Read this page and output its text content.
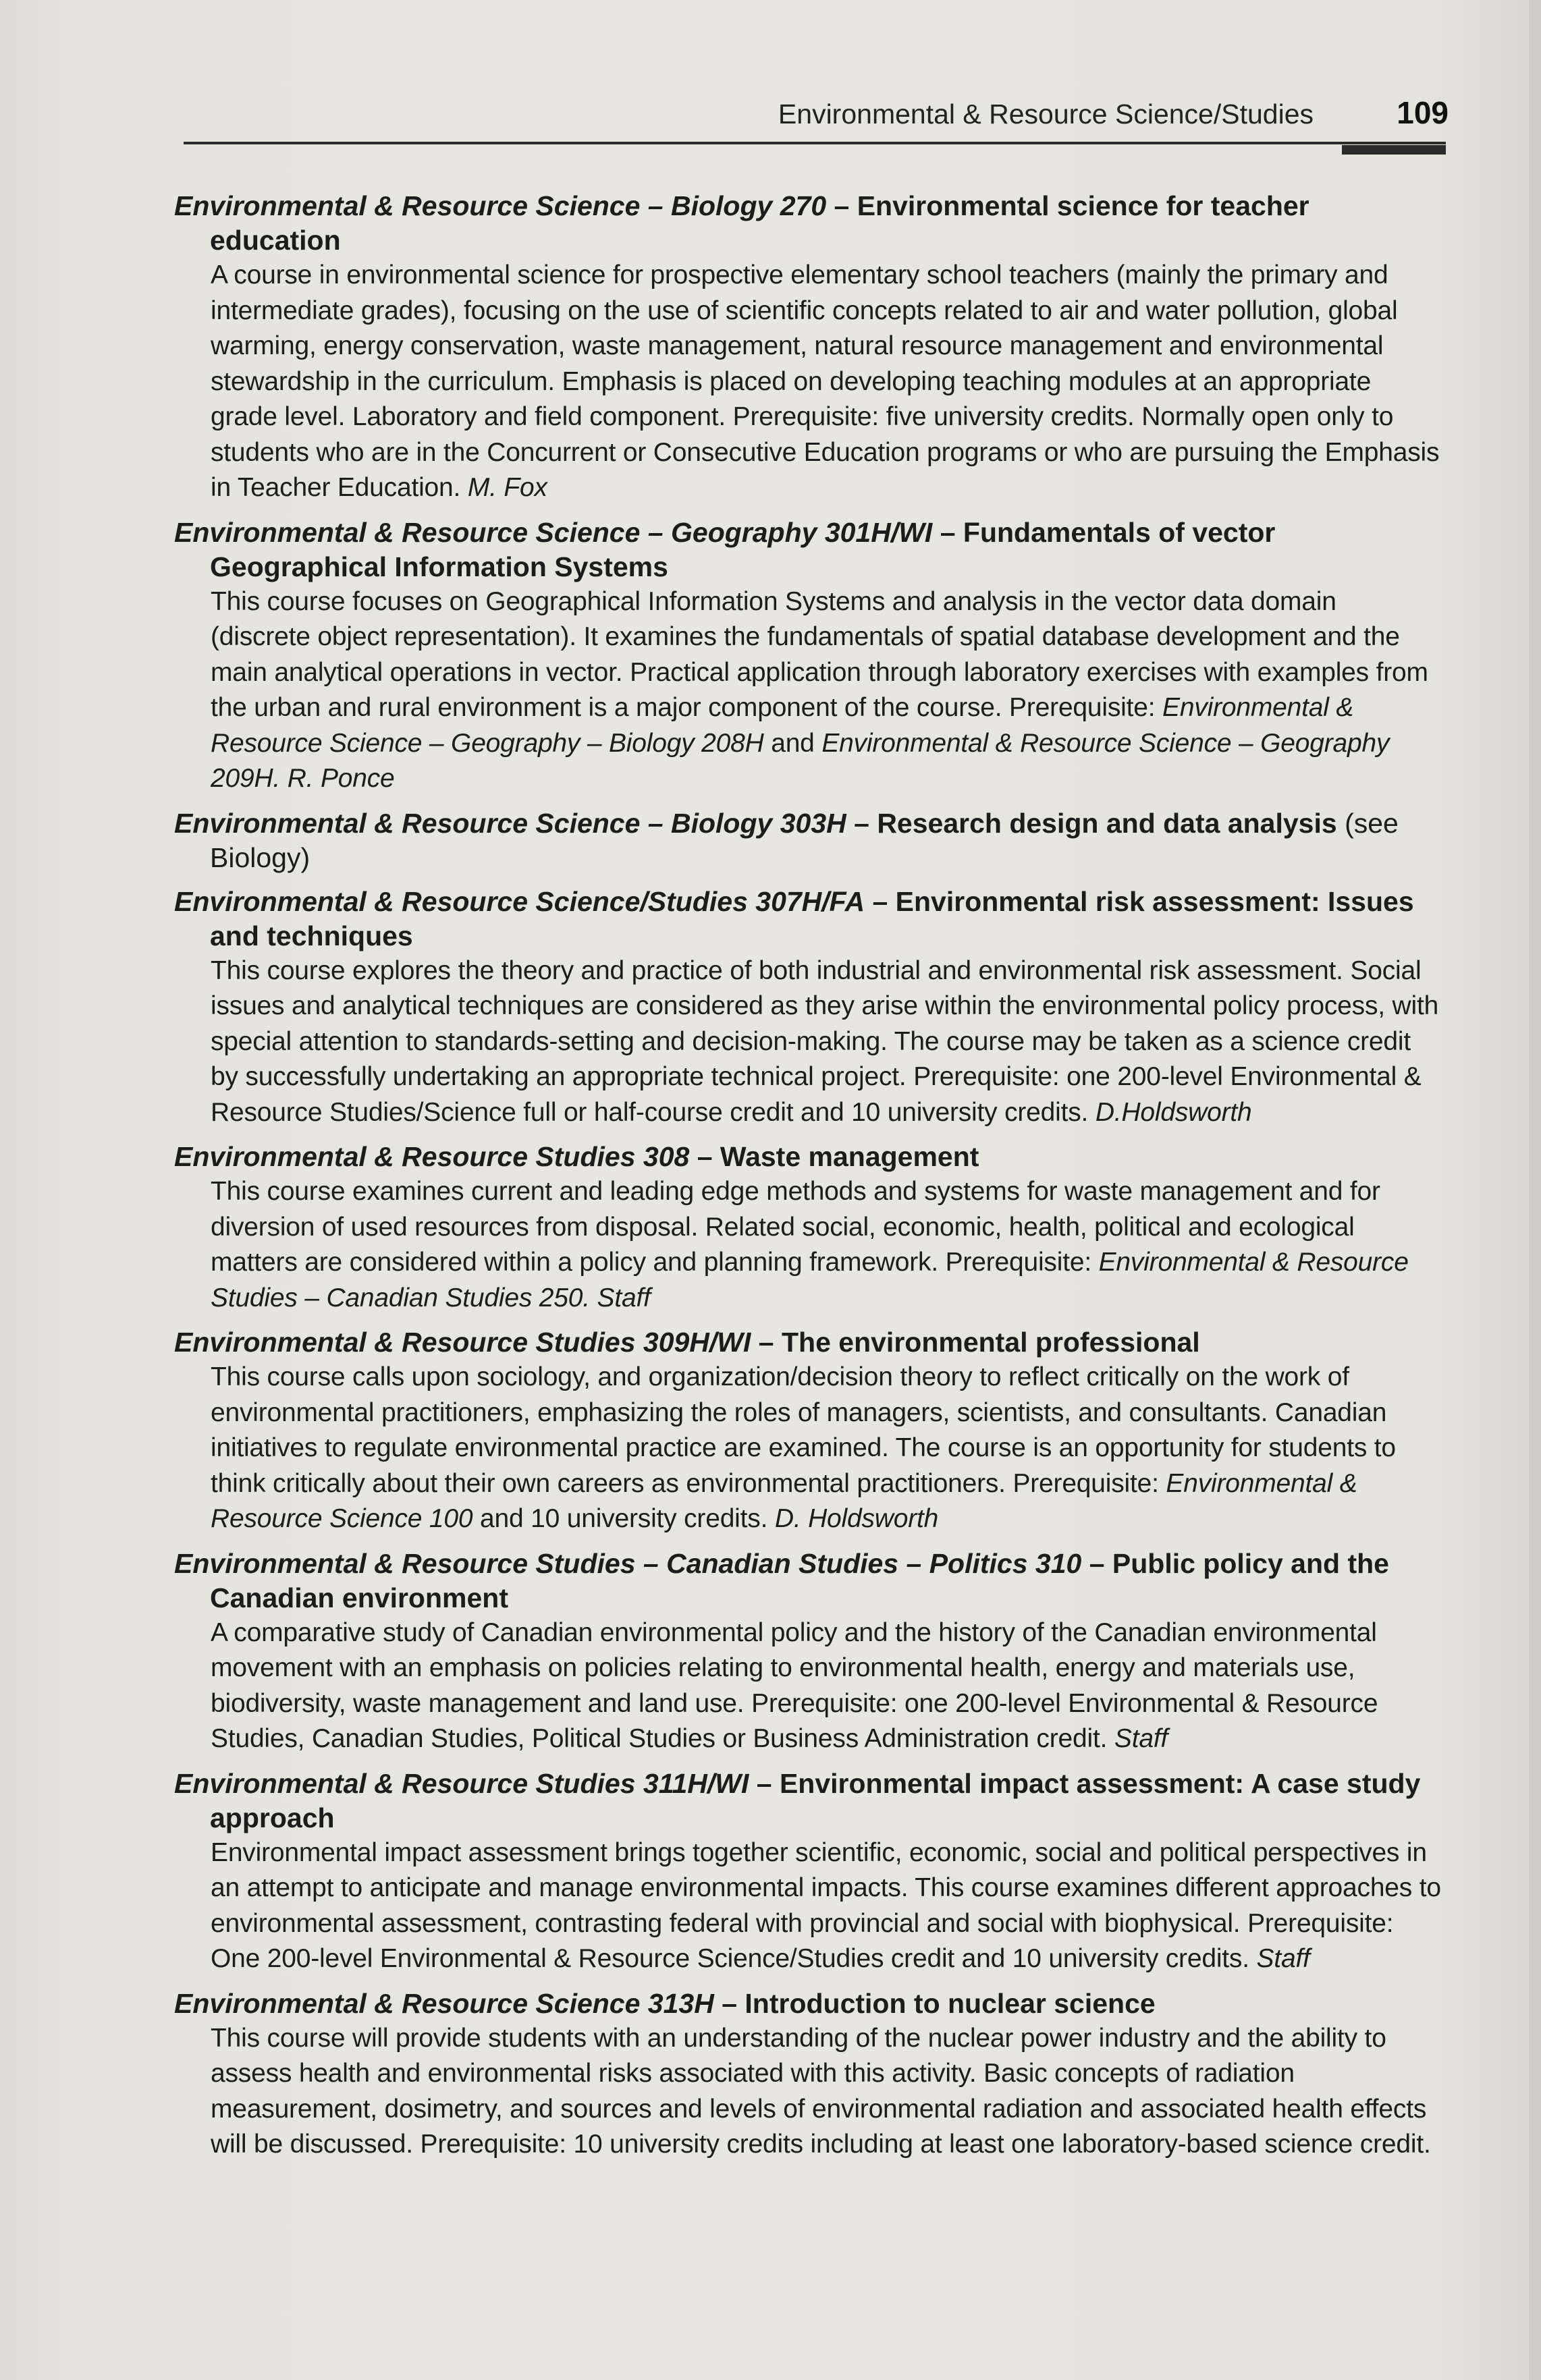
Environmental & Resource Science/Studies	109
Environmental & Resource Science – Biology 270 – Environmental science for teacher education
A course in environmental science for prospective elementary school teachers (mainly the primary and intermediate grades), focusing on the use of scientific concepts related to air and water pollution, global warming, energy conservation, waste management, natural resource management and environmental stewardship in the curriculum. Emphasis is placed on developing teaching modules at an appropriate grade level. Laboratory and field component. Prerequisite: five university credits. Normally open only to students who are in the Concurrent or Consecutive Education programs or who are pursuing the Emphasis in Teacher Education. M. Fox
Environmental & Resource Science – Geography 301H/WI – Fundamentals of vector Geographical Information Systems
This course focuses on Geographical Information Systems and analysis in the vector data domain (discrete object representation). It examines the fundamentals of spatial database development and the main analytical operations in vector. Practical application through laboratory exercises with examples from the urban and rural environment is a major component of the course. Prerequisite: Environmental & Resource Science – Geography – Biology 208H and Environmental & Resource Science – Geography 209H. R. Ponce
Environmental & Resource Science – Biology 303H – Research design and data analysis (see Biology)
Environmental & Resource Science/Studies 307H/FA – Environmental risk assessment: Issues and techniques
This course explores the theory and practice of both industrial and environmental risk assessment. Social issues and analytical techniques are considered as they arise within the environmental policy process, with special attention to standards-setting and decision-making. The course may be taken as a science credit by successfully undertaking an appropriate technical project. Prerequisite: one 200-level Environmental & Resource Studies/Science full or half-course credit and 10 university credits. D.Holdsworth
Environmental & Resource Studies 308 – Waste management
This course examines current and leading edge methods and systems for waste management and for diversion of used resources from disposal. Related social, economic, health, political and ecological matters are considered within a policy and planning framework. Prerequisite: Environmental & Resource Studies – Canadian Studies 250. Staff
Environmental & Resource Studies 309H/WI – The environmental professional
This course calls upon sociology, and organization/decision theory to reflect critically on the work of environmental practitioners, emphasizing the roles of managers, scientists, and consultants. Canadian initiatives to regulate environmental practice are examined. The course is an opportunity for students to think critically about their own careers as environmental practitioners. Prerequisite: Environmental & Resource Science 100 and 10 university credits. D. Holdsworth
Environmental & Resource Studies – Canadian Studies – Politics 310 – Public policy and the Canadian environment
A comparative study of Canadian environmental policy and the history of the Canadian environmental movement with an emphasis on policies relating to environmental health, energy and materials use, biodiversity, waste management and land use. Prerequisite: one 200-level Environmental & Resource Studies, Canadian Studies, Political Studies or Business Administration credit. Staff
Environmental & Resource Studies 311H/WI – Environmental impact assessment: A case study approach
Environmental impact assessment brings together scientific, economic, social and political perspectives in an attempt to anticipate and manage environmental impacts. This course examines different approaches to environmental assessment, contrasting federal with provincial and social with biophysical. Prerequisite: One 200-level Environmental & Resource Science/Studies credit and 10 university credits. Staff
Environmental & Resource Science 313H – Introduction to nuclear science
This course will provide students with an understanding of the nuclear power industry and the ability to assess health and environmental risks associated with this activity. Basic concepts of radiation measurement, dosimetry, and sources and levels of environmental radiation and associated health effects will be discussed. Prerequisite: 10 university credits including at least one laboratory-based science credit.
